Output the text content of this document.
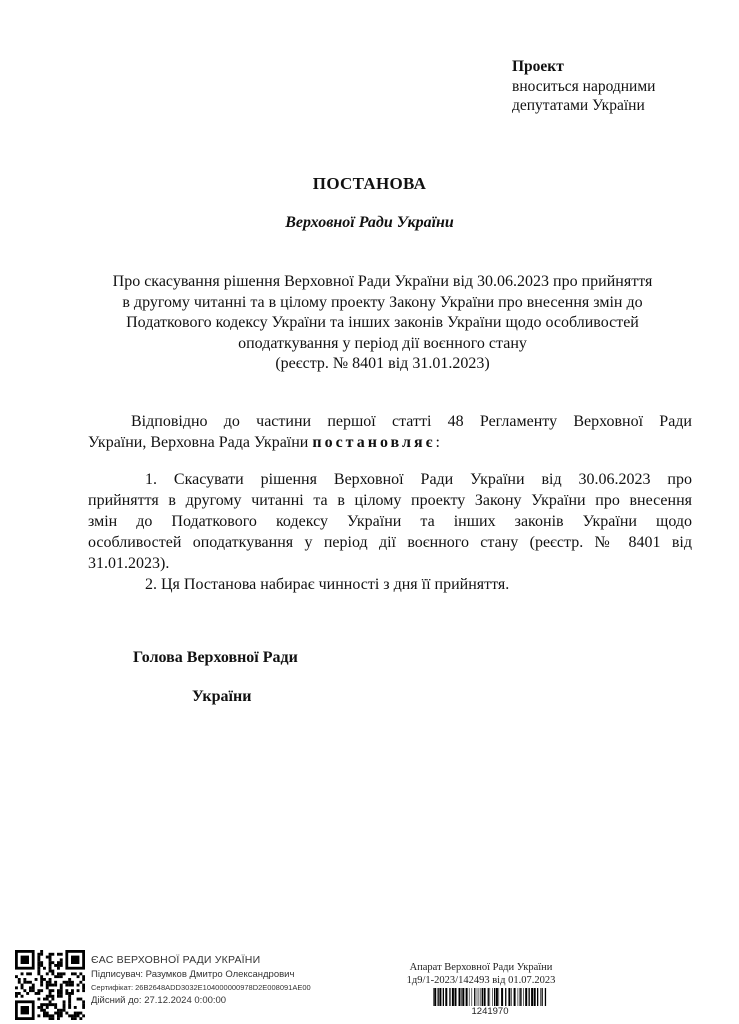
Проект
вноситься народними
депутатами України
ПОСТАНОВА
Верховної Ради України
Про скасування рішення Верховної Ради України від 30.06.2023 про прийняття
в другому читанні та в цілому проекту Закону України про внесення змін до
Податкового кодексу України та інших законів України щодо особливостей
оподаткування у період дії воєнного стану
(реєстр. № 8401 від 31.01.2023)
Відповідно до частини першої статті 48 Регламенту Верховної Ради
України, Верховна Рада України постановляє:
1. Скасувати рішення Верховної Ради України від 30.06.2023 про
прийняття в другому читанні та в цілому проекту Закону України про внесення
змін до Податкового кодексу України та інших законів України щодо
особливостей оподаткування у період дії воєнного стану (реєстр. № 8401 від
31.01.2023).
2. Ця Постанова набирає чинності з дня її прийняття.
Голова Верховної Ради
України
ЄАС ВЕРХОВНОЇ РАДИ УКРАЇНИ
Підписувач: Разумков Дмитро Олександрович
Сертифікат: 26B2648ADD3032E104000000978D2E008091AE00
Дійсний до: 27.12.2024 0:00:00
Апарат Верховної Ради України
1д9/1-2023/142493 від 01.07.2023
1241970
